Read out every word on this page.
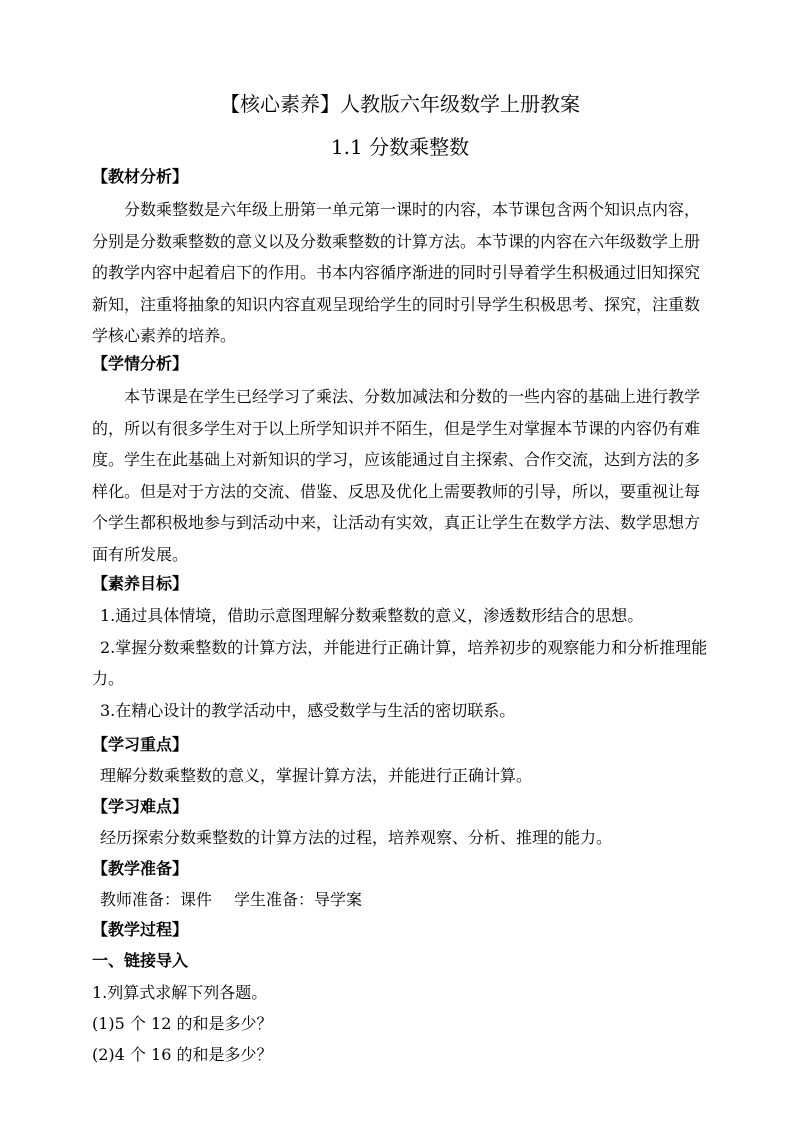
【核心素养】人教版六年级数学上册教案
1.1 分数乘整数
【教材分析】

分数乘整数是六年级上册第一单元第一课时的内容，本节课包含两个知识点内容，分别是分数乘整数的意义以及分数乘整数的计算方法。本节课的内容在六年级数学上册的教学内容中起着启下的作用。书本内容循序渐进的同时引导着学生积极通过旧知探究新知，注重将抽象的知识内容直观呈现给学生的同时引导学生积极思考、探究，注重数学核心素养的培养。

【学情分析】

本节课是在学生已经学习了乘法、分数加减法和分数的一些内容的基础上进行教学的，所以有很多学生对于以上所学知识并不陌生，但是学生对掌握本节课的内容仍有难度。学生在此基础上对新知识的学习，应该能通过自主探索、合作交流，达到方法的多样化。但是对于方法的交流、借鉴、反思及优化上需要教师的引导，所以，要重视让每个学生都积极地参与到活动中来，让活动有实效，真正让学生在数学方法、数学思想方面有所发展。

【素养目标】

1.通过具体情境，借助示意图理解分数乘整数的意义，渗透数形结合的思想。

2.掌握分数乘整数的计算方法，并能进行正确计算，培养初步的观察能力和分析推理能力。

3.在精心设计的教学活动中，感受数学与生活的密切联系。

【学习重点】
理解分数乘整数的意义，掌握计算方法，并能进行正确计算。
【学习难点】
经历探索分数乘整数的计算方法的过程，培养观察、分析、推理的能力。
【教学准备】
教师准备：课件 学生准备：导学案
【教学过程】
一、链接导入
1.列算式求解下列各题。
(1)5 个 12 的和是多少？
(2)4 个 16 的和是多少？
